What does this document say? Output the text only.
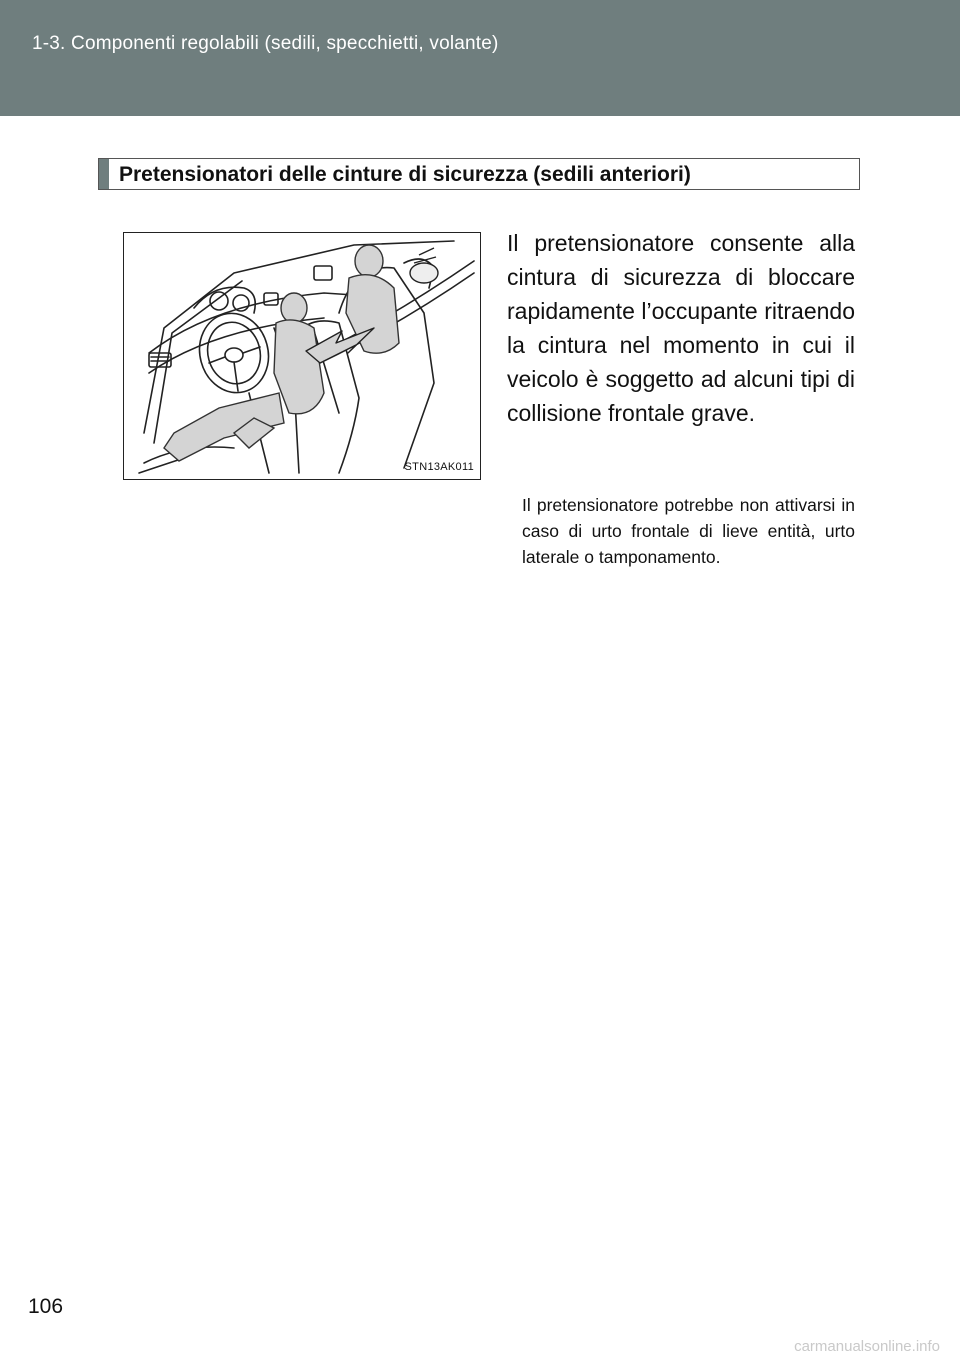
1-3. Componenti regolabili (sedili, specchietti, volante)
Pretensionatori delle cinture di sicurezza (sedili anteriori)
STN13AK011
Il pretensionatore consente alla cintura di sicurezza di bloccare rapidamente l’occupante ritraendo la cintura nel momento in cui il veicolo è soggetto ad alcuni tipi di collisione frontale grave.
Il pretensionatore potrebbe non attivarsi in caso di urto frontale di lieve entità, urto laterale o tamponamento.
106
carmanualsonline.info
